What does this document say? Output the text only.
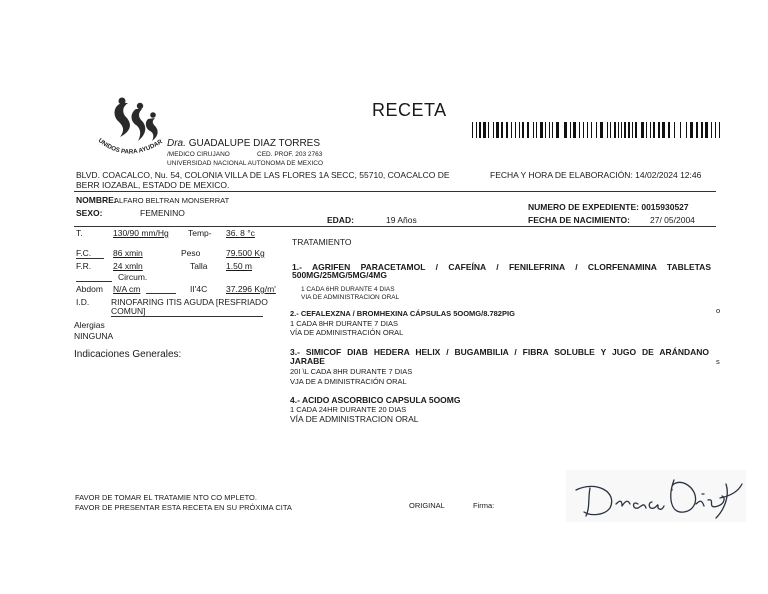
RECETA
UNIDOS PARA AYUDAR Dra. GUADALUPE DIAZ TORRES
/MEDICO CIRUJANO	CED. PROF. 203 2763
UNIVERSIDAD NACIONAL AUTONOMA DE MEXICO
BLVD. COACALCO, Nu. 54, COLONIA VILLA DE LAS FLORES 1A SECC, 55710, COACALCO DE
BERR IOZABAL, ESTADO DE MEXICO.
FECHA Y HORA DE ELABORACIÓN: 14/02/2024 12:46
NOMBRE:
ALFARO BELTRAN MONSERRAT
SEXO:	FEMENINO
EDAD:	19 Años
NUMERO DE EXPEDIENTE: 0015930527
FECHA DE NACIMIENTO: 27/ 05/2004
T.	130/90 mm/Hg Temp- 36. 8 °c
F.C.	86 xmin	Peso	79.500 Kg
F.R.	24 xmln	Talla 1.50 m
Circum.
Abdom N/A cm	II'4C 37.296 Kg/m'
I.D.	RINOFARING ITIS AGUDA [RESFRIADO
COMUN]
Alergias
NINGUNA
Indicaciones Generales:
TRATAMIENTO
1.- AGRIFEN PARACETAMOL / CAFEÍNA / FENILEFRINA / CLORFENAMINA TABLETAS
500MG/25MG/5MG/4MG
1 CADA 6HR DURANTE 4 DIAS
VIA DE ADMINISTRACION ORAL
2.- CEFALEXZNA / BROMHEXINA CÁPSULAS 5OOMG/8.782PIG
1 CADA 8HR DURANTE 7 DIAS
VÍA DE ADMINISTRACIÓN ORAL
3.- SIMICOF DIAB HEDERA HELIX / BUGAMBILIA / FIBRA SOLUBLE Y JUGO DE ARÁNDANO
JARABE
20I \L CADA 8HR DURANTE 7 DIAS
VJA DE A DMINISTRACIÓN ORAL
4.- ACIDO ASCORBICO CAPSULA 5OOMG
1 CADA 24HR DURANTE 20 DIAS
VÍA DE ADMINISTRACION ORAL
o
s
FAVOR DE TOMAR EL TRATAMIE NTO CO MPLETO.
FAVOR DE PRESENTAR ESTA RECETA EN SU PRÓXIMA CITA	ORIGINAL	Firma:
